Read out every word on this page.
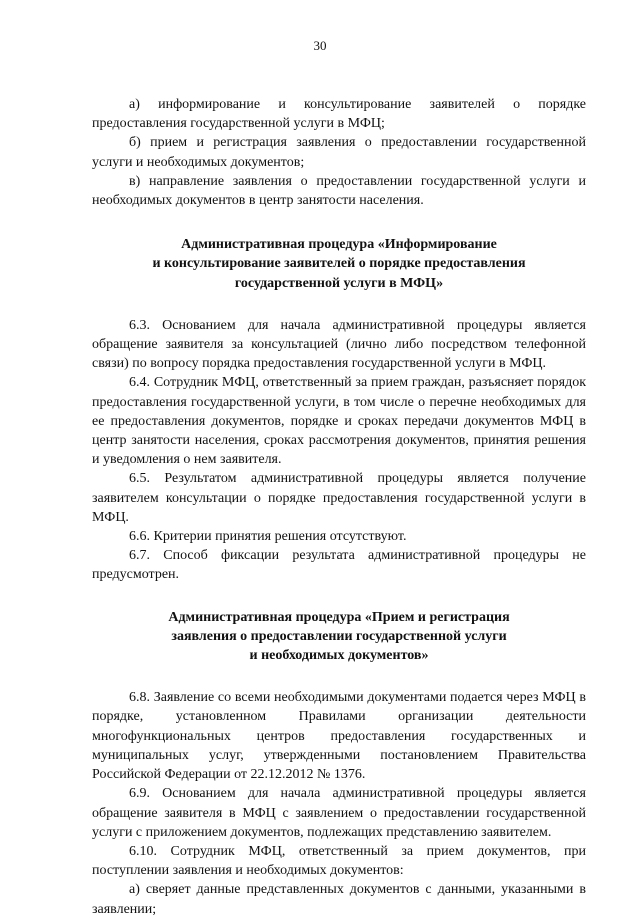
30

а) информирование и консультирование заявителей о порядке предоставления государственной услуги в МФЦ;

б) прием и регистрация заявления о предоставлении государственной услуги и необходимых документов;

в) направление заявления о предоставлении государственной услуги и необходимых документов в центр занятости населения.

Административная процедура «Информирование
и консультирование заявителей о порядке предоставления
государственной услуги в МФЦ»

6.3. Основанием для начала административной процедуры является обращение заявителя за консультацией (лично либо посредством телефонной связи) по вопросу порядка предоставления государственной услуги в МФЦ.

6.4. Сотрудник МФЦ, ответственный за прием граждан, разъясняет порядок предоставления государственной услуги, в том числе о перечне необходимых для ее предоставления документов, порядке и сроках передачи документов МФЦ в центр занятости населения, сроках рассмотрения документов, принятия решения и уведомления о нем заявителя.

6.5. Результатом административной процедуры является получение заявителем консультации о порядке предоставления государственной услуги в МФЦ.

6.6. Критерии принятия решения отсутствуют.

6.7. Способ фиксации результата административной процедуры не предусмотрен.

Административная процедура «Прием и регистрация
заявления о предоставлении государственной услуги
и необходимых документов»

6.8. Заявление со всеми необходимыми документами подается через МФЦ в порядке, установленном Правилами организации деятельности многофункциональных центров предоставления государственных и муниципальных услуг, утвержденными постановлением Правительства Российской Федерации от 22.12.2012 № 1376.

6.9. Основанием для начала административной процедуры является обращение заявителя в МФЦ с заявлением о предоставлении государственной услуги с приложением документов, подлежащих представлению заявителем.

6.10. Сотрудник МФЦ, ответственный за прием документов, при поступлении заявления и необходимых документов:

а) сверяет данные представленных документов с данными, указанными в заявлении;
